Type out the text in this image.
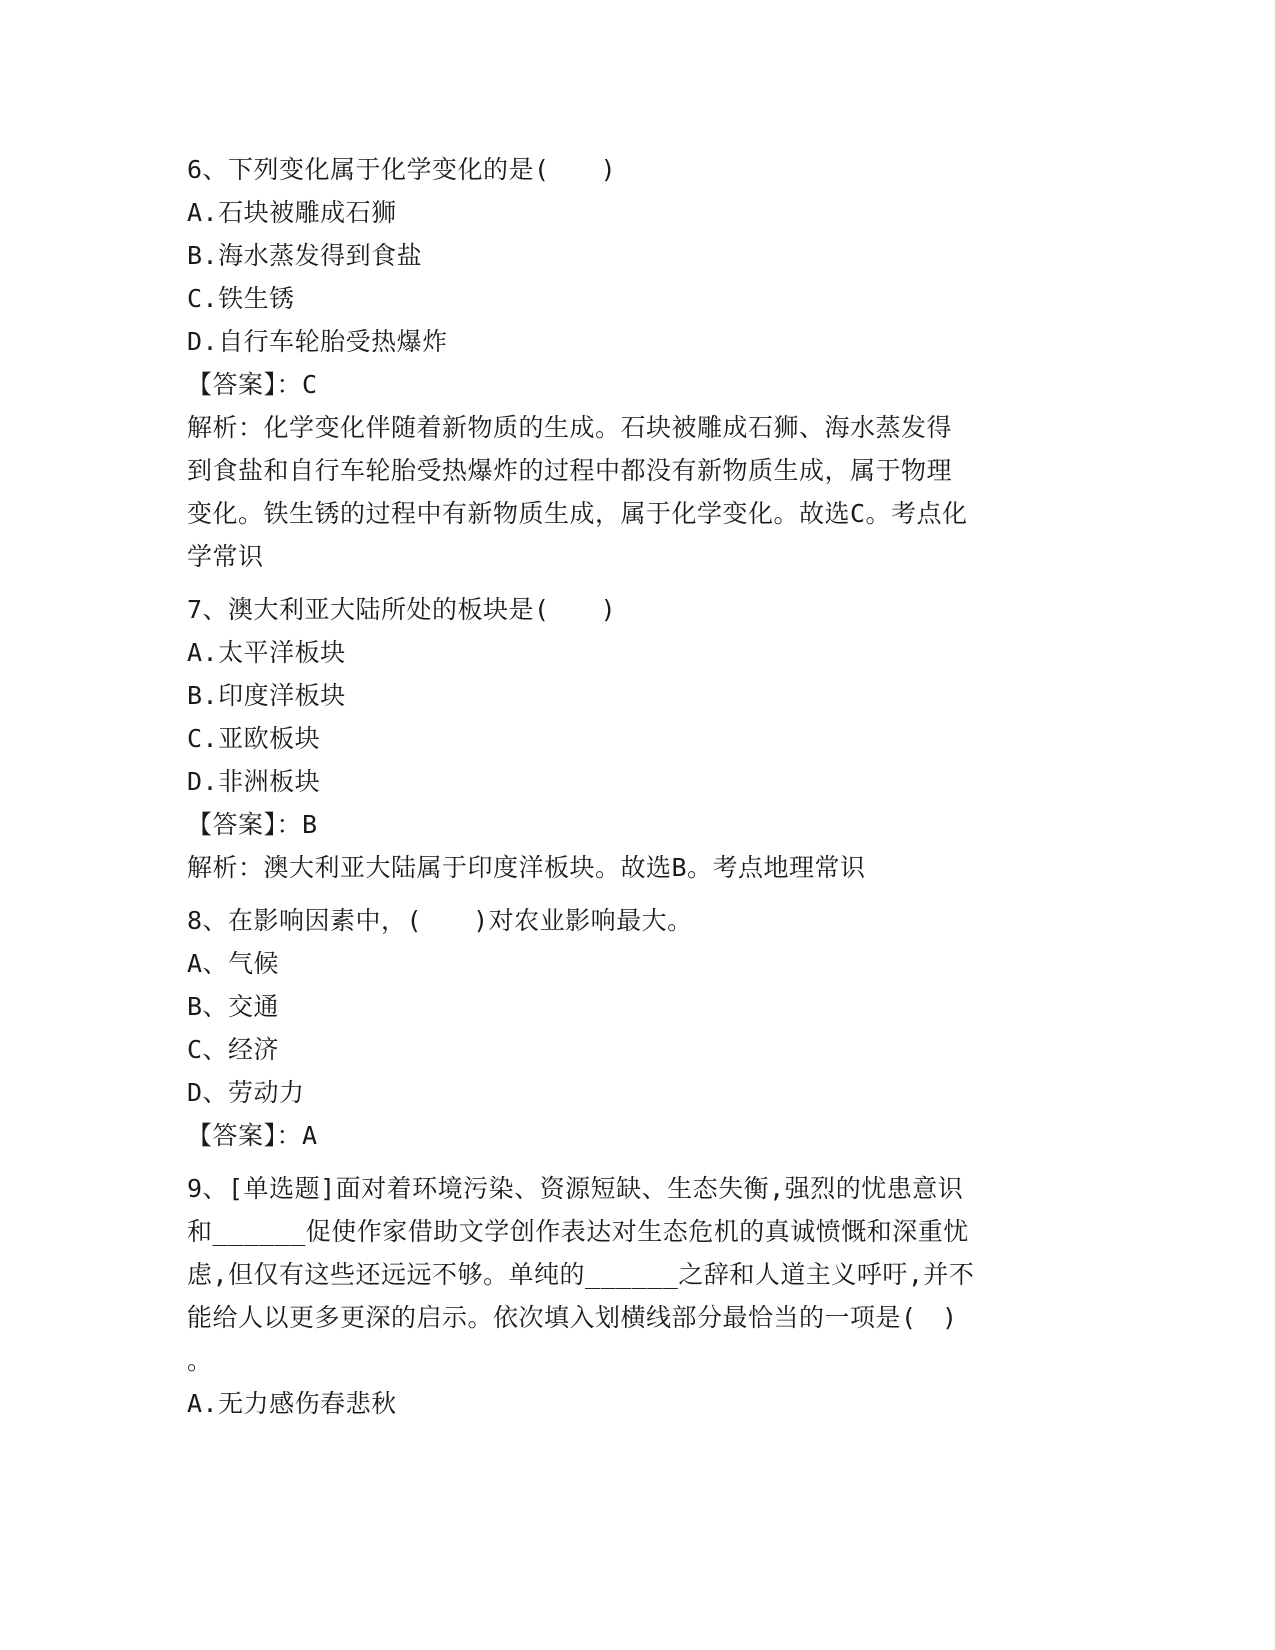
6、下列变化属于化学变化的是(　　)
A.石块被雕成石狮
B.海水蒸发得到食盐
C.铁生锈
D.自行车轮胎受热爆炸
【答案】：C
解析：化学变化伴随着新物质的生成。石块被雕成石狮、海水蒸发得
到食盐和自行车轮胎受热爆炸的过程中都没有新物质生成，属于物理
变化。铁生锈的过程中有新物质生成，属于化学变化。故选C。考点化
学常识
7、澳大利亚大陆所处的板块是(　　)
A.太平洋板块
B.印度洋板块
C.亚欧板块
D.非洲板块
【答案】：B
解析：澳大利亚大陆属于印度洋板块。故选B。考点地理常识
8、在影响因素中，(　　)对农业影响最大。
A、气候
B、交通
C、经济
D、劳动力
【答案】：A
9、[单选题]面对着环境污染、资源短缺、生态失衡,强烈的忧患意识
和______促使作家借助文学创作表达对生态危机的真诚愤慨和深重忧
虑,但仅有这些还远远不够。单纯的______之辞和人道主义呼吁,并不
能给人以更多更深的启示。依次填入划横线部分最恰当的一项是(　)
。
A.无力感伤春悲秋
